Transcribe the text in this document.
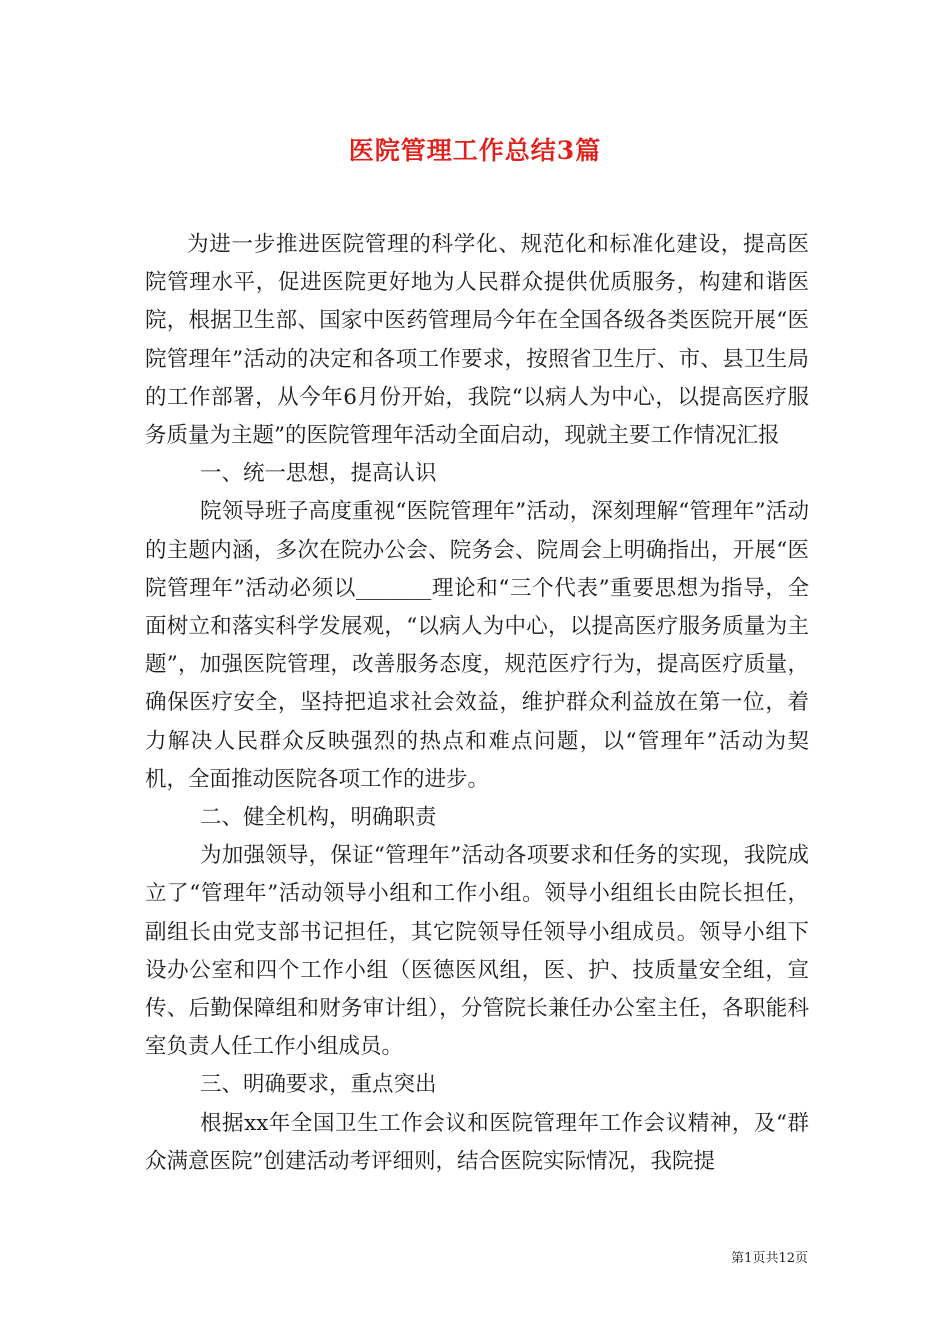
医院管理工作总结3篇

为进一步推进医院管理的科学化、规范化和标准化建设，提高医院管理水平，促进医院更好地为人民群众提供优质服务，构建和谐医院，根据卫生部、国家中医药管理局今年在全国各级各类医院开展“医院管理年”活动的决定和各项工作要求，按照省卫生厅、市、县卫生局的工作部署，从今年6月份开始，我院“以病人为中心，以提高医疗服务质量为主题”的医院管理年活动全面启动，现就主要工作情况汇报

一、统一思想，提高认识

院领导班子高度重视“医院管理年”活动，深刻理解“管理年”活动的主题内涵，多次在院办公会、院务会、院周会上明确指出，开展“医院管理年”活动必须以_______理论和“三个代表”重要思想为指导，全面树立和落实科学发展观，“以病人为中心，以提高医疗服务质量为主题”，加强医院管理，改善服务态度，规范医疗行为，提高医疗质量，确保医疗安全，坚持把追求社会效益，维护群众利益放在第一位，着力解决人民群众反映强烈的热点和难点问题，以“管理年”活动为契机，全面推动医院各项工作的进步。

二、健全机构，明确职责

为加强领导，保证“管理年”活动各项要求和任务的实现，我院成立了“管理年”活动领导小组和工作小组。领导小组组长由院长担任，副组长由党支部书记担任，其它院领导任领导小组成员。领导小组下设办公室和四个工作小组（医德医风组，医、护、技质量安全组，宣传、后勤保障组和财务审计组），分管院长兼任办公室主任，各职能科室负责人任工作小组成员。

三、明确要求，重点突出

根据xx年全国卫生工作会议和医院管理年工作会议精神，及“群众满意医院”创建活动考评细则，结合医院实际情况，我院提

第1页共12页
